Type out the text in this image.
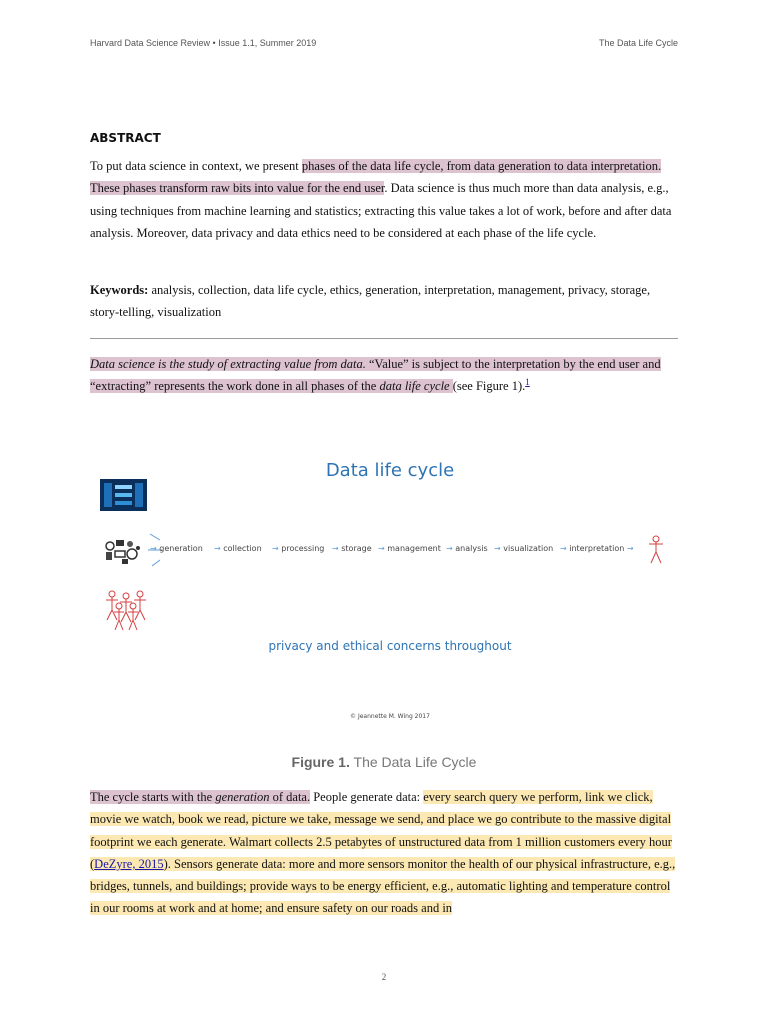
Harvard Data Science Review • Issue 1.1, Summer 2019	The Data Life Cycle
ABSTRACT
To put data science in context, we present phases of the data life cycle, from data generation to data interpretation. These phases transform raw bits into value for the end user. Data science is thus much more than data analysis, e.g., using techniques from machine learning and statistics; extracting this value takes a lot of work, before and after data analysis. Moreover, data privacy and data ethics need to be considered at each phase of the life cycle.
Keywords: analysis, collection, data life cycle, ethics, generation, interpretation, management, privacy, storage, story-telling, visualization
Data science is the study of extracting value from data. “Value” is subject to the interpretation by the end user and “extracting” represents the work done in all phases of the data life cycle (see Figure 1).$^1$
Data life cycle
→ generation → collection → processing → storage → management → analysis → visualization → interpretation →
privacy and ethical concerns throughout
© Jeannette M. Wing 2017
Figure 1. The Data Life Cycle
The cycle starts with the generation of data. People generate data: every search query we perform, link we click, movie we watch, book we read, picture we take, message we send, and place we go contribute to the massive digital footprint we each generate. Walmart collects 2.5 petabytes of unstructured data from 1 million customers every hour (DeZyre, 2015). Sensors generate data: more and more sensors monitor the health of our physical infrastructure, e.g., bridges, tunnels, and buildings; provide ways to be energy efficient, e.g., automatic lighting and temperature control in our rooms at work and at home; and ensure safety on our roads and in
2
